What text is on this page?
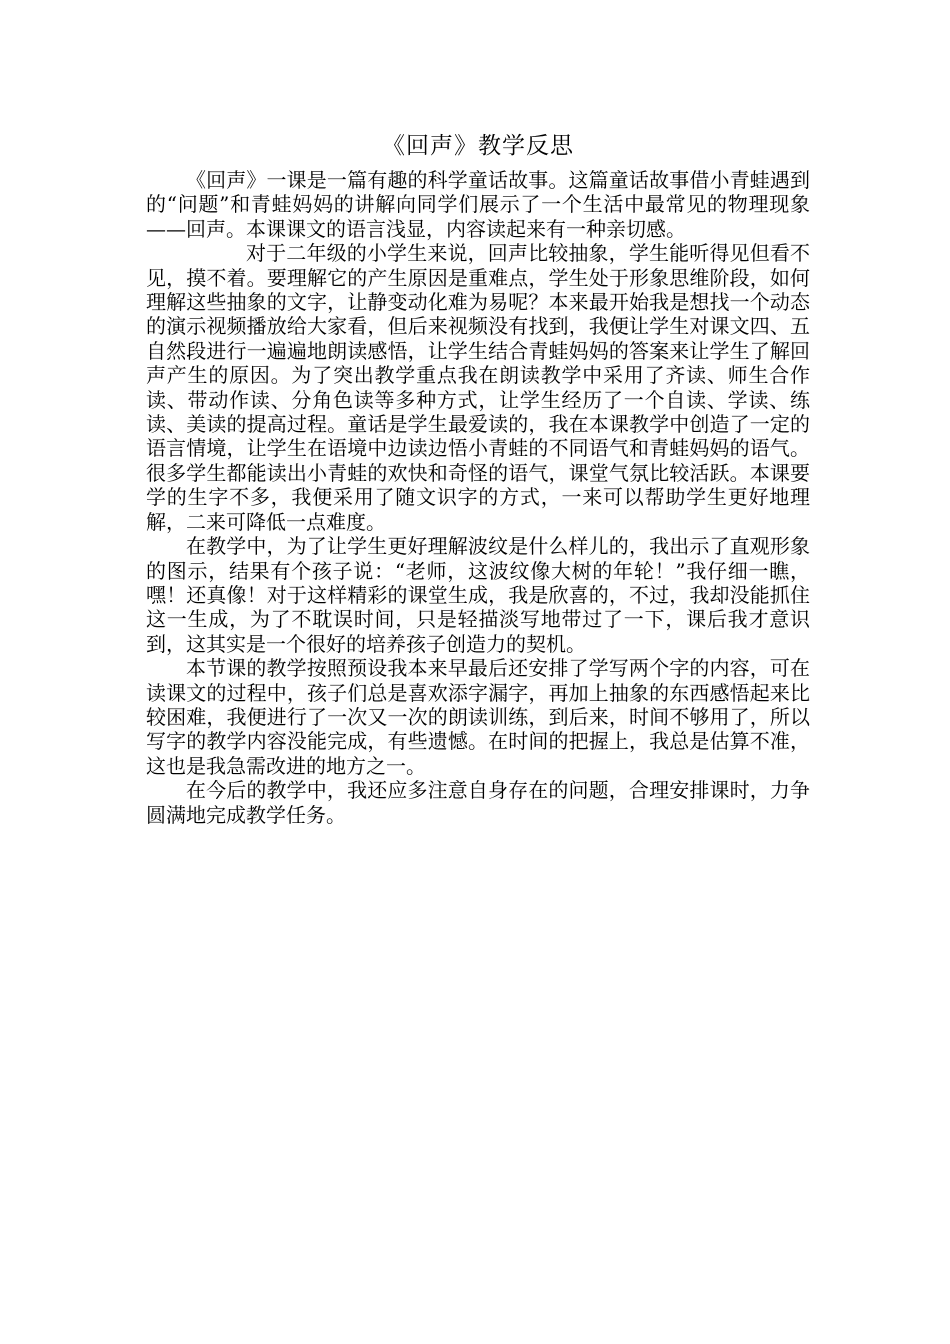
《回声》教学反思

《回声》一课是一篇有趣的科学童话故事。这篇童话故事借小青蛙遇到的“问题”和青蛙妈妈的讲解向同学们展示了一个生活中最常见的物理现象——回声。本课课文的语言浅显，内容读起来有一种亲切感。

对于二年级的小学生来说，回声比较抽象，学生能听得见但看不见，摸不着。要理解它的产生原因是重难点，学生处于形象思维阶段，如何理解这些抽象的文字，让静变动化难为易呢？本来最开始我是想找一个动态的演示视频播放给大家看，但后来视频没有找到，我便让学生对课文四、五自然段进行一遍遍地朗读感悟，让学生结合青蛙妈妈的答案来让学生了解回声产生的原因。为了突出教学重点我在朗读教学中采用了齐读、师生合作读、带动作读、分角色读等多种方式，让学生经历了一个自读、学读、练读、美读的提高过程。童话是学生最爱读的，我在本课教学中创造了一定的语言情境，让学生在语境中边读边悟小青蛙的不同语气和青蛙妈妈的语气。很多学生都能读出小青蛙的欢快和奇怪的语气，课堂气氛比较活跃。本课要学的生字不多，我便采用了随文识字的方式，一来可以帮助学生更好地理解，二来可降低一点难度。

在教学中，为了让学生更好理解波纹是什么样儿的，我出示了直观形象的图示，结果有个孩子说：“老师，这波纹像大树的年轮！”我仔细一瞧，嘿！还真像！对于这样精彩的课堂生成，我是欣喜的，不过，我却没能抓住这一生成，为了不耽误时间，只是轻描淡写地带过了一下，课后我才意识到，这其实是一个很好的培养孩子创造力的契机。

本节课的教学按照预设我本来早最后还安排了学写两个字的内容，可在读课文的过程中，孩子们总是喜欢添字漏字，再加上抽象的东西感悟起来比较困难，我便进行了一次又一次的朗读训练，到后来，时间不够用了，所以写字的教学内容没能完成，有些遗憾。在时间的把握上，我总是估算不准，这也是我急需改进的地方之一。

在今后的教学中，我还应多注意自身存在的问题，合理安排课时，力争圆满地完成教学任务。
